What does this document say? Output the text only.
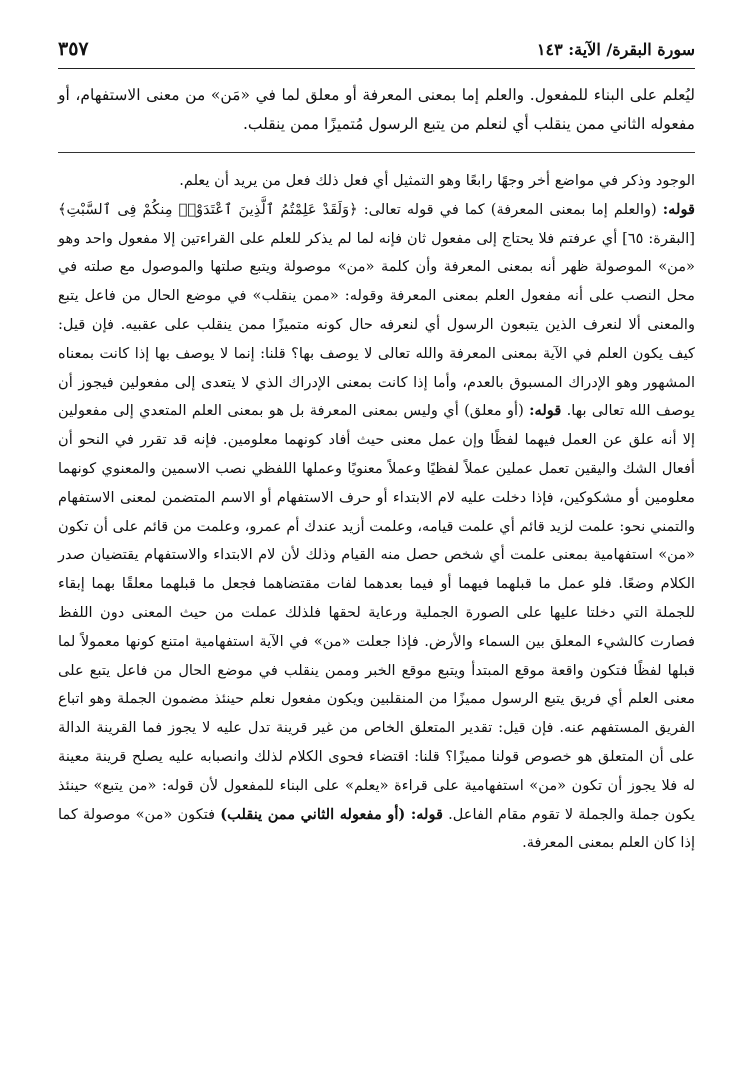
سورة البقرة/ الآية: ١٤٣
٣٥٧
ليُعلم على البناء للمفعول. والعلم إما بمعنى المعرفة أو معلق لما في «مَن» من معنى الاستفهام، أو مفعوله الثاني ممن ينقلب أي لنعلم من يتبع الرسول مُتميزًا ممن ينقلب.
الوجود وذكر في مواضع أخر وجهًا رابعًا وهو التمثيل أي فعل ذلك فعل من يريد أن يعلم.
قوله: (والعلم إما بمعنى المعرفة) كما في قوله تعالى: ﴿وَلَقَدْ عَلِمْتُمُ ٱلَّذِينَ ٱعْتَدَوْا۟ مِنكُمْ فِى ٱلسَّبْتِ﴾ [البقرة: ٦٥] أي عرفتم فلا يحتاج إلى مفعول ثان فإنه لما لم يذكر للعلم على القراءتين إلا مفعول واحد وهو «من» الموصولة ظهر أنه بمعنى المعرفة وأن كلمة «من» موصولة ويتبع صلتها والموصول مع صلته في محل النصب على أنه مفعول العلم بمعنى المعرفة وقوله: «ممن ينقلب» في موضع الحال من فاعل يتبع والمعنى ألا لنعرف الذين يتبعون الرسول أي لنعرفه حال كونه متميزًا ممن ينقلب على عقبيه. فإن قيل: كيف يكون العلم في الآية بمعنى المعرفة والله تعالى لا يوصف بها؟ قلنا: إنما لا يوصف بها إذا كانت بمعناه المشهور وهو الإدراك المسبوق بالعدم، وأما إذا كانت بمعنى الإدراك الذي لا يتعدى إلى مفعولين فيجوز أن يوصف الله تعالى بها. قوله: (أو معلق) أي وليس بمعنى المعرفة بل هو بمعنى العلم المتعدي إلى مفعولين إلا أنه علق عن العمل فيهما لفظًا وإن عمل معنى حيث أفاد كونهما معلومين. فإنه قد تقرر في النحو أن أفعال الشك واليقين تعمل عملين عملاً لفظيًا وعملاً معنويًا وعملها اللفظي نصب الاسمين والمعنوي كونهما معلومين أو مشكوكين، فإذا دخلت عليه لام الابتداء أو حرف الاستفهام أو الاسم المتضمن لمعنى الاستفهام والتمني نحو: علمت لزيد قائم أي علمت قيامه، وعلمت أزيد عندك أم عمرو، وعلمت من قائم على أن تكون «من» استفهامية بمعنى علمت أي شخص حصل منه القيام وذلك لأن لام الابتداء والاستفهام يقتضيان صدر الكلام وضعًا. فلو عمل ما قبلهما فيهما أو فيما بعدهما لفات مقتضاهما فجعل ما قبلهما معلقًا بهما إبقاء للجملة التي دخلتا عليها على الصورة الجملية ورعاية لحقها فلذلك عملت من حيث المعنى دون اللفظ فصارت كالشيء المعلق بين السماء والأرض. فإذا جعلت «من» في الآية استفهامية امتنع كونها معمولاً لما قبلها لفظًا فتكون واقعة موقع المبتدأ ويتبع موقع الخبر وممن ينقلب في موضع الحال من فاعل يتبع على معنى العلم أي فريق يتبع الرسول مميزًا من المنقلبين ويكون مفعول نعلم حينئذ مضمون الجملة وهو اتباع الفريق المستفهم عنه. فإن قيل: تقدير المتعلق الخاص من غير قرينة تدل عليه لا يجوز فما القرينة الدالة على أن المتعلق هو خصوص قولنا مميزًا؟ قلنا: اقتضاء فحوى الكلام لذلك وانصبابه عليه يصلح قرينة معينة له فلا يجوز أن تكون «من» استفهامية على قراءة «يعلم» على البناء للمفعول لأن قوله: «من يتبع» حينئذ يكون جملة والجملة لا تقوم مقام الفاعل. قوله: (أو مفعوله الثاني ممن ينقلب) فتكون «من» موصولة كما إذا كان العلم بمعنى المعرفة.
